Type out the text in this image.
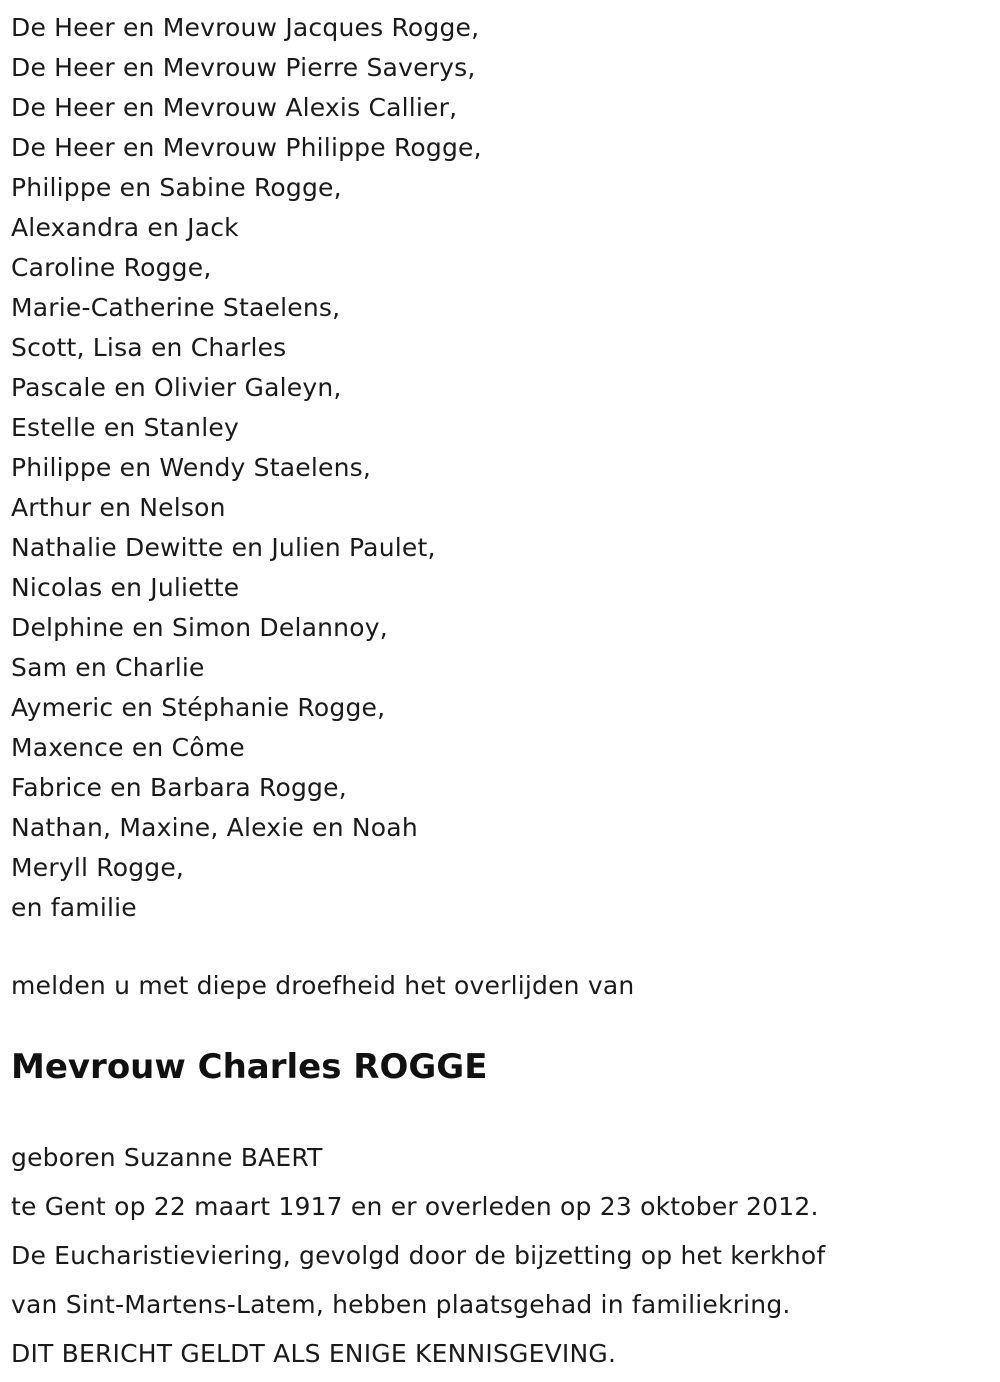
De Heer en Mevrouw Jacques Rogge,
De Heer en Mevrouw Pierre Saverys,
De Heer en Mevrouw Alexis Callier,
De Heer en Mevrouw Philippe Rogge,
Philippe en Sabine Rogge,
Alexandra en Jack
Caroline Rogge,
Marie-Catherine Staelens,
Scott, Lisa en Charles
Pascale en Olivier Galeyn,
Estelle en Stanley
Philippe en Wendy Staelens,
Arthur en Nelson
Nathalie Dewitte en Julien Paulet,
Nicolas en Juliette
Delphine en Simon Delannoy,
Sam en Charlie
Aymeric en Stéphanie Rogge,
Maxence en Côme
Fabrice en Barbara Rogge,
Nathan, Maxine, Alexie en Noah
Meryll Rogge,
en familie
melden u met diepe droefheid het overlijden van
Mevrouw Charles ROGGE
geboren Suzanne BAERT
te Gent op 22 maart 1917 en er overleden op 23 oktober 2012.
De Eucharistieviering, gevolgd door de bijzetting op het kerkhof
van Sint-Martens-Latem, hebben plaatsgehad in familiekring.
DIT BERICHT GELDT ALS ENIGE KENNISGEVING.
